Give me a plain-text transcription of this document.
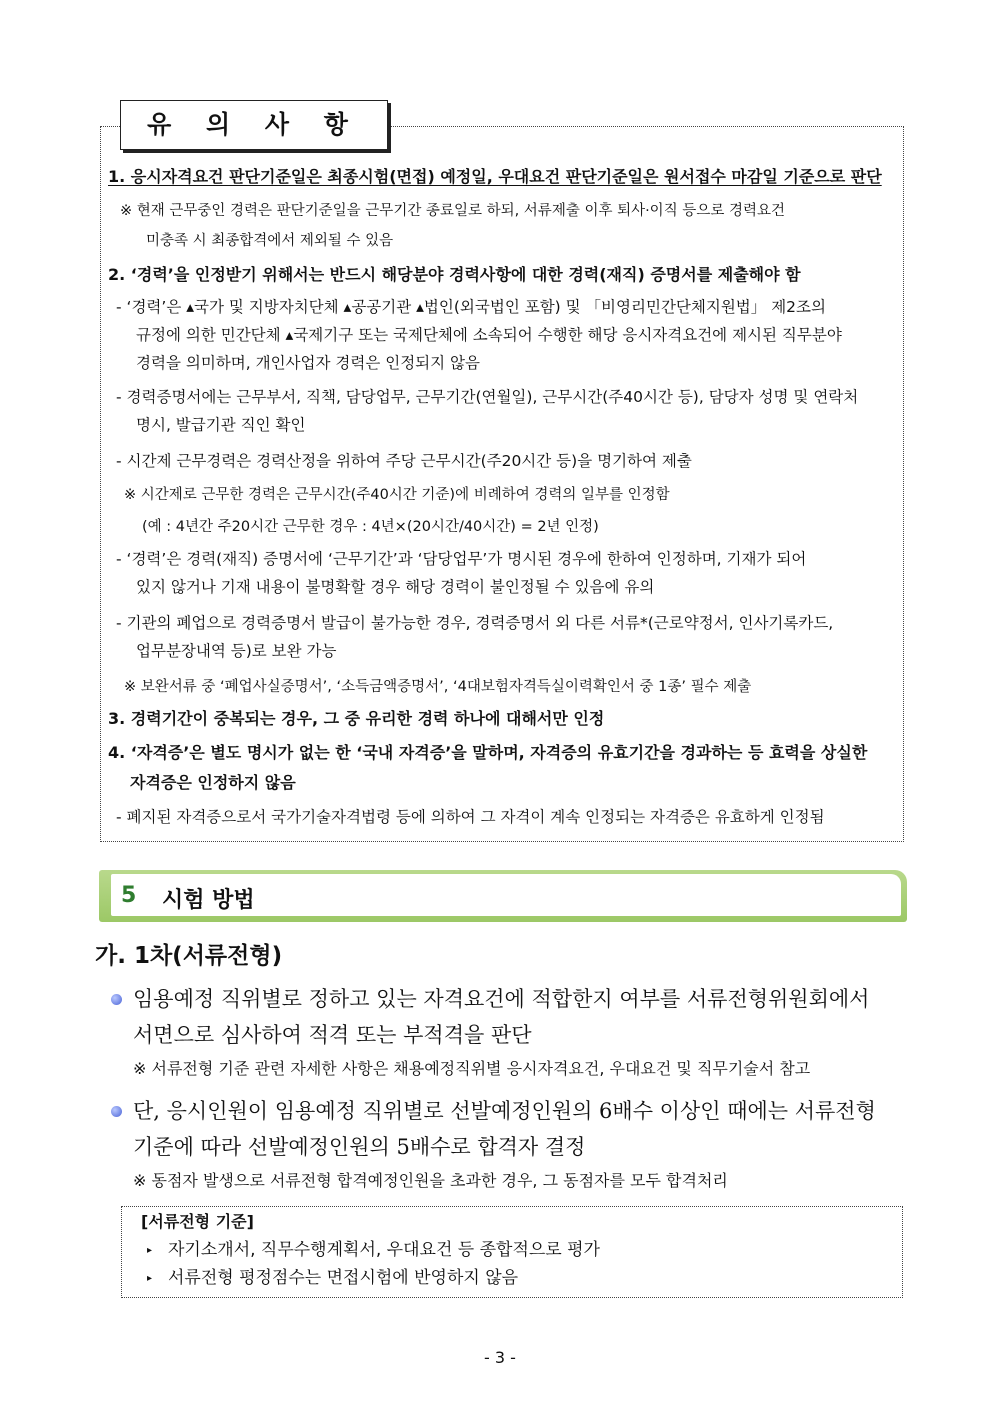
유 의 사 항
1. 응시자격요건 판단기준일은 최종시험(면접) 예정일, 우대요건 판단기준일은 원서접수 마감일 기준으로 판단
※ 현재 근무중인 경력은 판단기준일을 근무기간 종료일로 하되, 서류제출 이후 퇴사·이직 등으로 경력요건
미충족 시 최종합격에서 제외될 수 있음
2. ‘경력’을 인정받기 위해서는 반드시 해당분야 경력사항에 대한 경력(재직) 증명서를 제출해야 함
- ‘경력’은 ▴국가 및 지방자치단체 ▴공공기관 ▴법인(외국법인 포함) 및 「비영리민간단체지원법」 제2조의
규정에 의한 민간단체 ▴국제기구 또는 국제단체에 소속되어 수행한 해당 응시자격요건에 제시된 직무분야
경력을 의미하며, 개인사업자 경력은 인정되지 않음
- 경력증명서에는 근무부서, 직책, 담당업무, 근무기간(연월일), 근무시간(주40시간 등), 담당자 성명 및 연락처
명시, 발급기관 직인 확인
- 시간제 근무경력은 경력산정을 위하여 주당 근무시간(주20시간 등)을 명기하여 제출
※ 시간제로 근무한 경력은 근무시간(주40시간 기준)에 비례하여 경력의 일부를 인정함
(예 : 4년간 주20시간 근무한 경우 : 4년×(20시간/40시간) = 2년 인정)
- ‘경력’은 경력(재직) 증명서에 ‘근무기간’과 ‘담당업무’가 명시된 경우에 한하여 인정하며, 기재가 되어
있지 않거나 기재 내용이 불명확할 경우 해당 경력이 불인정될 수 있음에 유의
- 기관의 폐업으로 경력증명서 발급이 불가능한 경우, 경력증명서 외 다른 서류*(근로약정서, 인사기록카드,
업무분장내역 등)로 보완 가능
※ 보완서류 중 ‘폐업사실증명서’, ‘소득금액증명서’, ‘4대보험자격득실이력확인서 중 1종’ 필수 제출
3. 경력기간이 중복되는 경우, 그 중 유리한 경력 하나에 대해서만 인정
4. ‘자격증’은 별도 명시가 없는 한 ‘국내 자격증’을 말하며, 자격증의 유효기간을 경과하는 등 효력을 상실한
자격증은 인정하지 않음
- 폐지된 자격증으로서 국가기술자격법령 등에 의하여 그 자격이 계속 인정되는 자격증은 유효하게 인정됨
5 시험 방법
가. 1차(서류전형)
임용예정 직위별로 정하고 있는 자격요건에 적합한지 여부를 서류전형위원회에서
서면으로 심사하여 적격 또는 부적격을 판단
※ 서류전형 기준 관련 자세한 사항은 채용예정직위별 응시자격요건, 우대요건 및 직무기술서 참고
단, 응시인원이 임용예정 직위별로 선발예정인원의 6배수 이상인 때에는 서류전형
기준에 따라 선발예정인원의 5배수로 합격자 결정
※ 동점자 발생으로 서류전형 합격예정인원을 초과한 경우, 그 동점자를 모두 합격처리
[서류전형 기준]
▸ 자기소개서, 직무수행계획서, 우대요건 등 종합적으로 평가
▸ 서류전형 평정점수는 면접시험에 반영하지 않음
- 3 -
